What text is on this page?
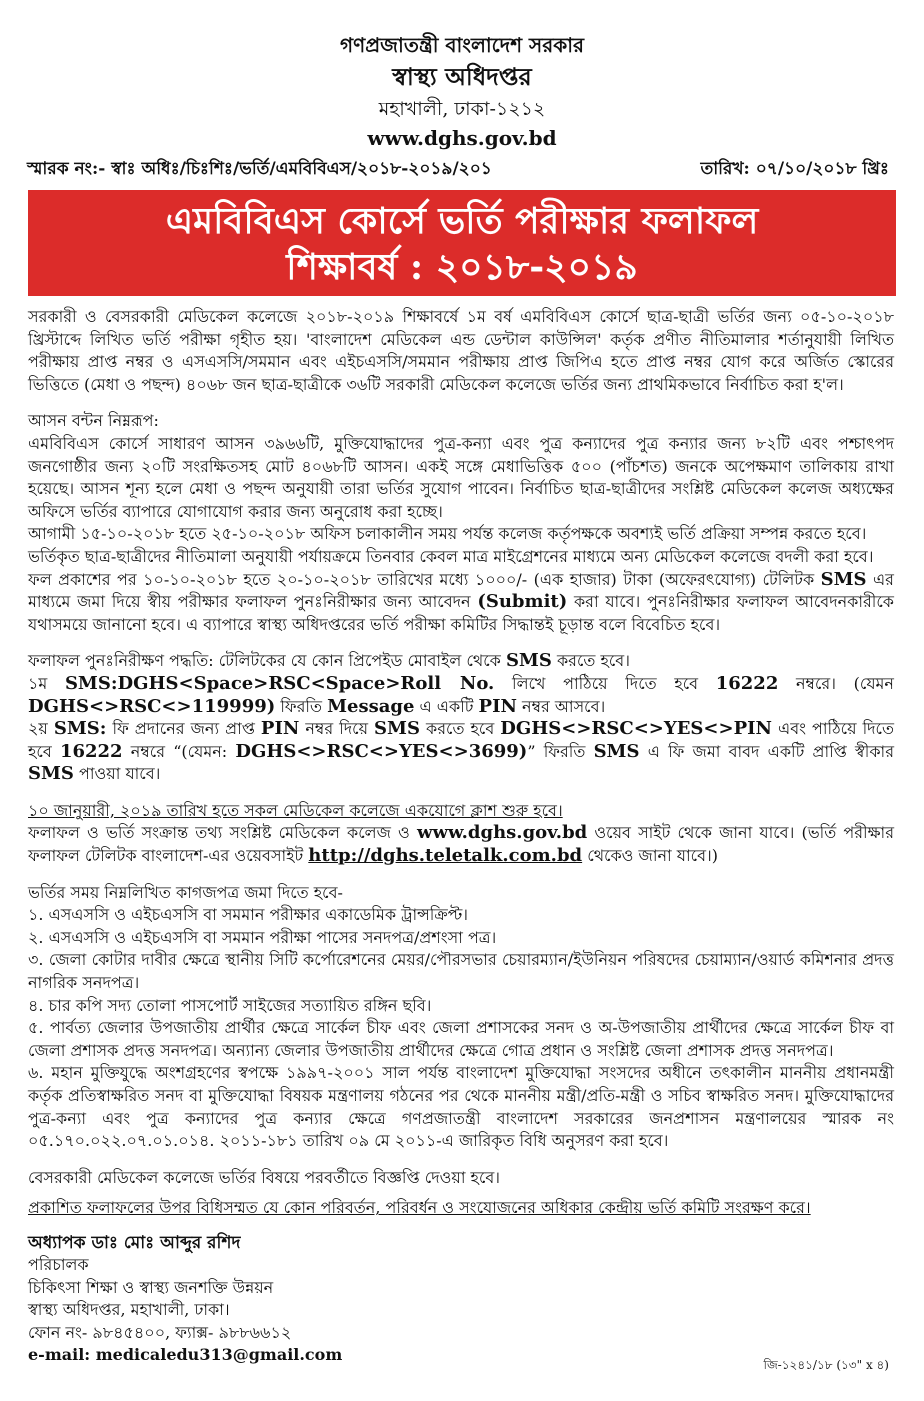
গণপ্রজাতন্ত্রী বাংলাদেশ সরকার
স্বাস্থ্য অধিদপ্তর
মহাখালী, ঢাকা-১২১২
www.dghs.gov.bd
স্মারক নং:- স্বাঃ অধিঃ/চিঃশিঃ/ভর্তি/এমবিবিএস/২০১৮-২০১৯/২০১	তারিখ: ০৭/১০/২০১৮ খ্রিঃ
এমবিবিএস কোর্সে ভর্তি পরীক্ষার ফলাফল
শিক্ষাবর্ষ : ২০১৮-২০১৯

সরকারী ও বেসরকারী মেডিকেল কলেজে ২০১৮-২০১৯ শিক্ষাবর্ষে ১ম বর্ষ এমবিবিএস কোর্সে ছাত্র-ছাত্রী ভর্তির জন্য ০৫-১০-২০১৮ খ্রিস্টাব্দে লিখিত ভর্তি পরীক্ষা গৃহীত হয়। 'বাংলাদেশ মেডিকেল এন্ড ডেন্টাল কাউন্সিল' কর্তৃক প্রণীত নীতিমালার শর্তানুযায়ী লিখিত পরীক্ষায় প্রাপ্ত নম্বর ও এসএসসি/সমমান এবং এইচএসসি/সমমান পরীক্ষায় প্রাপ্ত জিপিএ হতে প্রাপ্ত নম্বর যোগ করে অর্জিত স্কোরের ভিত্তিতে (মেধা ও পছন্দ) ৪০৬৮ জন ছাত্র-ছাত্রীকে ৩৬টি সরকারী মেডিকেল কলেজে ভর্তির জন্য প্রাথমিকভাবে নির্বাচিত করা হ'ল।

আসন বন্টন নিম্নরূপ:

এমবিবিএস কোর্সে সাধারণ আসন ৩৯৬৬টি, মুক্তিযোদ্ধাদের পুত্র-কন্যা এবং পুত্র কন্যাদের পুত্র কন্যার জন্য ৮২টি এবং পশ্চাৎপদ জনগোষ্ঠীর জন্য ২০টি সংরক্ষিতসহ মোট ৪০৬৮টি আসন। একই সঙ্গে মেধাভিত্তিক ৫০০ (পাঁচশত) জনকে অপেক্ষমাণ তালিকায় রাখা হয়েছে। আসন শূন্য হলে মেধা ও পছন্দ অনুযায়ী তারা ভর্তির সুযোগ পাবেন। নির্বাচিত ছাত্র-ছাত্রীদের সংশ্লিষ্ট মেডিকেল কলেজ অধ্যক্ষের অফিসে ভর্তির ব্যাপারে যোগাযোগ করার জন্য অনুরোধ করা হচ্ছে।

আগামী ১৫-১০-২০১৮ হতে ২৫-১০-২০১৮ অফিস চলাকালীন সময় পর্যন্ত কলেজ কর্তৃপক্ষকে অবশ্যই ভর্তি প্রক্রিয়া সম্পন্ন করতে হবে।

ভর্তিকৃত ছাত্র-ছাত্রীদের নীতিমালা অনুযায়ী পর্যায়ক্রমে তিনবার কেবল মাত্র মাইগ্রেশনের মাধ্যমে অন্য মেডিকেল কলেজে বদলী করা হবে।

ফল প্রকাশের পর ১০-১০-২০১৮ হতে ২০-১০-২০১৮ তারিখের মধ্যে ১০০০/- (এক হাজার) টাকা (অফেরৎযোগ্য) টেলিটক SMS এর মাধ্যমে জমা দিয়ে স্বীয় পরীক্ষার ফলাফল পুনঃনিরীক্ষার জন্য আবেদন (Submit) করা যাবে। পুনঃনিরীক্ষার ফলাফল আবেদনকারীকে যথাসময়ে জানানো হবে। এ ব্যাপারে স্বাস্থ্য অধিদপ্তরের ভর্তি পরীক্ষা কমিটির সিদ্ধান্তই চূড়ান্ত বলে বিবেচিত হবে।

ফলাফল পুনঃনিরীক্ষণ পদ্ধতি: টেলিটকের যে কোন প্রিপেইড মোবাইল থেকে SMS করতে হবে।

১ম SMS:DGHS<Space>RSC<Space>Roll No. লিখে পাঠিয়ে দিতে হবে 16222 নম্বরে। (যেমন DGHS<>RSC<>119999) ফিরতি Message এ একটি PIN নম্বর আসবে।

২য় SMS: ফি প্রদানের জন্য প্রাপ্ত PIN নম্বর দিয়ে SMS করতে হবে DGHS<>RSC<>YES<>PIN এবং পাঠিয়ে দিতে হবে 16222 নম্বরে “(যেমন: DGHS<>RSC<>YES<>3699)” ফিরতি SMS এ ফি জমা বাবদ একটি প্রাপ্তি স্বীকার SMS পাওয়া যাবে।

১০ জানুয়ারী, ২০১৯ তারিখ হতে সকল মেডিকেল কলেজে একযোগে ক্লাশ শুরু হবে।

ফলাফল ও ভর্তি সংক্রান্ত তথ্য সংশ্লিষ্ট মেডিকেল কলেজ ও www.dghs.gov.bd ওয়েব সাইট থেকে জানা যাবে। (ভর্তি পরীক্ষার ফলাফল টেলিটক বাংলাদেশ-এর ওয়েবসাইট http://dghs.teletalk.com.bd থেকেও জানা যাবে।)

ভর্তির সময় নিম্নলিখিত কাগজপত্র জমা দিতে হবে-

১. এসএসসি ও এইচএসসি বা সমমান পরীক্ষার একাডেমিক ট্রান্সক্রিপ্ট।

২. এসএসসি ও এইচএসসি বা সমমান পরীক্ষা পাসের সনদপত্র/প্রশংসা পত্র।

৩. জেলা কোটার দাবীর ক্ষেত্রে স্থানীয় সিটি কর্পোরেশনের মেয়র/পৌরসভার চেয়ারম্যান/ইউনিয়ন পরিষদের চেয়াম্যান/ওয়ার্ড কমিশনার প্রদত্ত নাগরিক সনদপত্র।

৪. চার কপি সদ্য তোলা পাসপোর্ট সাইজের সত্যায়িত রঙ্গিন ছবি।

৫. পার্বত্য জেলার উপজাতীয় প্রার্থীর ক্ষেত্রে সার্কেল চীফ এবং জেলা প্রশাসকের সনদ ও অ-উপজাতীয় প্রার্থীদের ক্ষেত্রে সার্কেল চীফ বা জেলা প্রশাসক প্রদত্ত সনদপত্র। অন্যান্য জেলার উপজাতীয় প্রার্থীদের ক্ষেত্রে গোত্র প্রধান ও সংশ্লিষ্ট জেলা প্রশাসক প্রদত্ত সনদপত্র।

৬. মহান মুক্তিযুদ্ধে অংশগ্রহণের স্বপক্ষে ১৯৯৭-২০০১ সাল পর্যন্ত বাংলাদেশ মুক্তিযোদ্ধা সংসদের অধীনে তৎকালীন মাননীয় প্রধানমন্ত্রী কর্তৃক প্রতিস্বাক্ষরিত সনদ বা মুক্তিযোদ্ধা বিষয়ক মন্ত্রণালয় গঠনের পর থেকে মাননীয় মন্ত্রী/প্রতি-মন্ত্রী ও সচিব স্বাক্ষরিত সনদ। মুক্তিযোদ্ধাদের পুত্র-কন্যা এবং পুত্র কন্যাদের পুত্র কন্যার ক্ষেত্রে গণপ্রজাতন্ত্রী বাংলাদেশ সরকারের জনপ্রশাসন মন্ত্রণালয়ের স্মারক নং ০৫.১৭০.০২২.০৭.০১.০১৪. ২০১১-১৮১ তারিখ ০৯ মে ২০১১-এ জারিকৃত বিধি অনুসরণ করা হবে।

বেসরকারী মেডিকেল কলেজে ভর্তির বিষয়ে পরবর্তীতে বিজ্ঞপ্তি দেওয়া হবে।

প্রকাশিত ফলাফলের উপর বিধিসম্মত যে কোন পরিবর্তন, পরিবর্ধন ও সংযোজনের অধিকার কেন্দ্রীয় ভর্তি কমিটি সংরক্ষণ করে।

অধ্যাপক ডাঃ মোঃ আব্দুর রশিদ
পরিচালক
চিকিৎসা শিক্ষা ও স্বাস্থ্য জনশক্তি উন্নয়ন
স্বাস্থ্য অধিদপ্তর, মহাখালী, ঢাকা।
ফোন নং- ৯৮৪৫৪০০, ফ্যাক্স- ৯৮৮৬৬১২
e-mail: medicaledu313@gmail.com
জি-১২৪১/১৮ (১৩" x ৪)
